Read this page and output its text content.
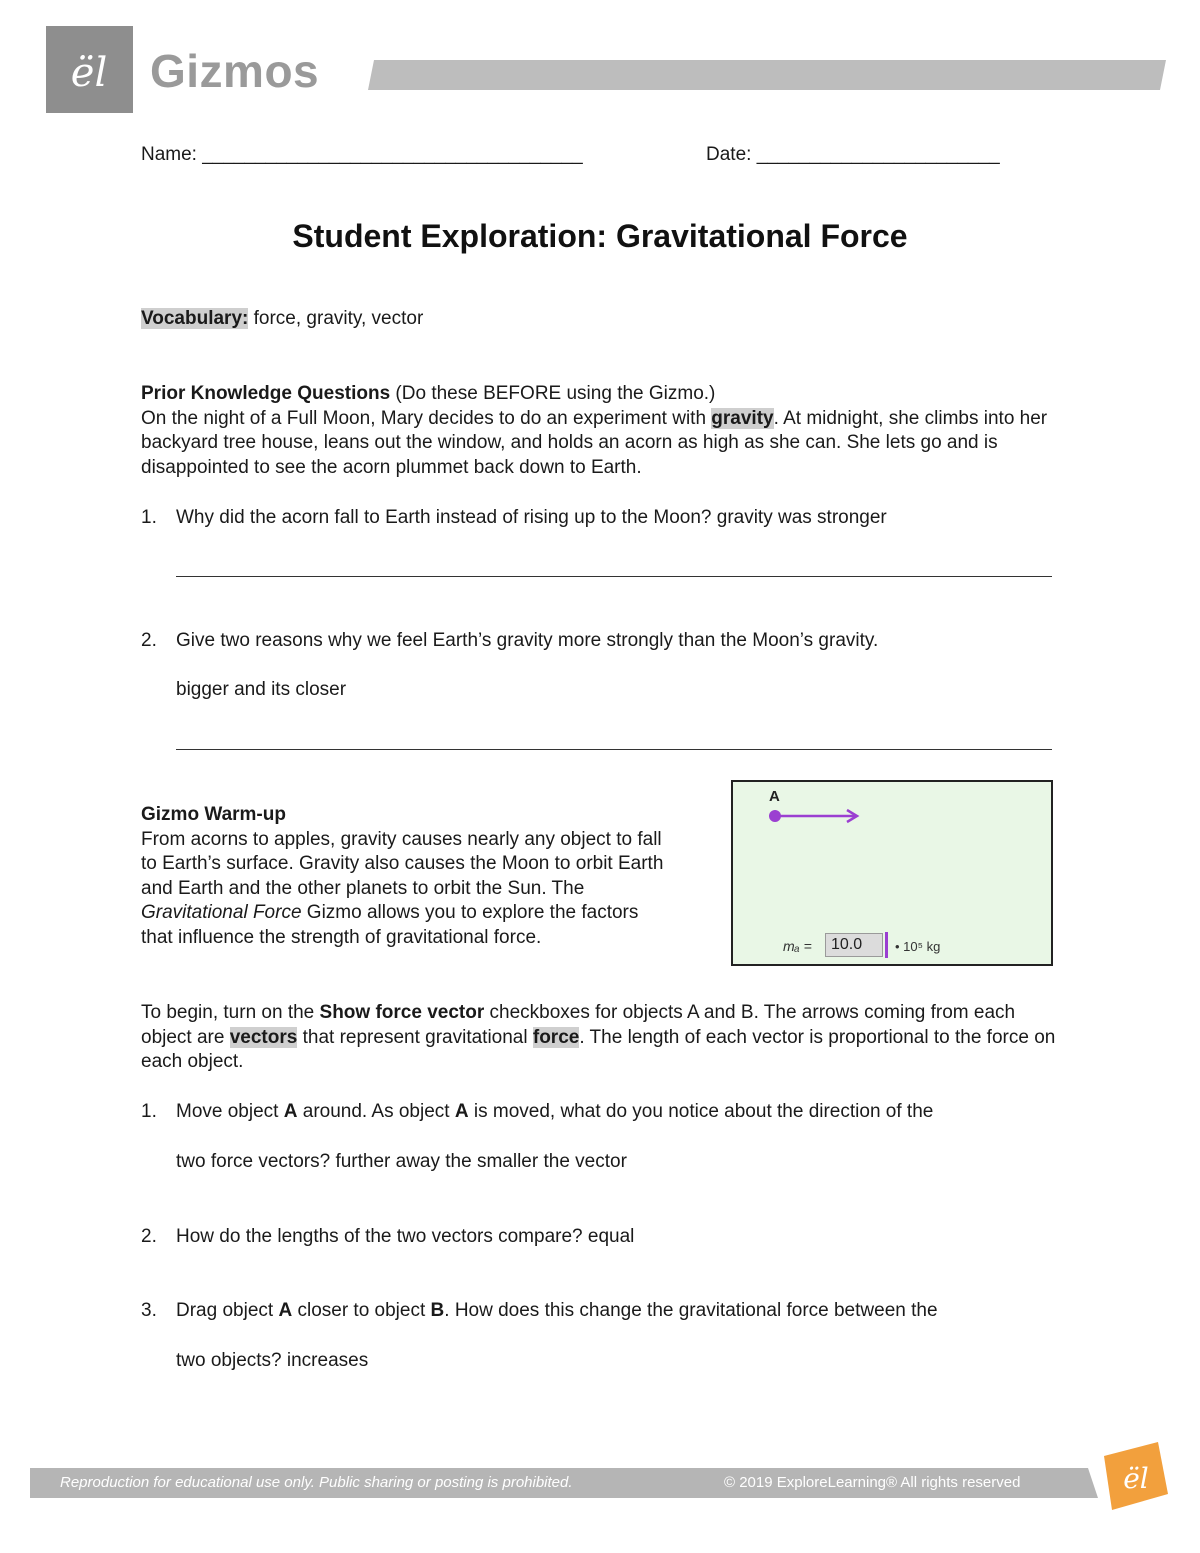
ël Gizmos
Name: ____________________________________	Date: _______________________
Student Exploration: Gravitational Force
Vocabulary: force, gravity, vector
Prior Knowledge Questions (Do these BEFORE using the Gizmo.)
On the night of a Full Moon, Mary decides to do an experiment with gravity. At midnight, she climbs into her backyard tree house, leans out the window, and holds an acorn as high as she can. She lets go and is disappointed to see the acorn plummet back down to Earth.
1. Why did the acorn fall to Earth instead of rising up to the Moon? gravity was stronger
2. Give two reasons why we feel Earth’s gravity more strongly than the Moon’s gravity.
bigger and its closer
Gizmo Warm-up
From acorns to apples, gravity causes nearly any object to fall to Earth’s surface. Gravity also causes the Moon to orbit Earth and Earth and the other planets to orbit the Sun. The Gravitational Force Gizmo allows you to explore the factors that influence the strength of gravitational force.
A
mₐ =	10.0	• 10⁵ kg
To begin, turn on the Show force vector checkboxes for objects A and B. The arrows coming from each object are vectors that represent gravitational force. The length of each vector is proportional to the force on each object.
1. Move object A around. As object A is moved, what do you notice about the direction of the
two force vectors? further away the smaller the vector
2. How do the lengths of the two vectors compare? equal
3. Drag object A closer to object B. How does this change the gravitational force between the
two objects? increases
Reproduction for educational use only. Public sharing or posting is prohibited.	© 2019 ExploreLearning® All rights reserved	ël
